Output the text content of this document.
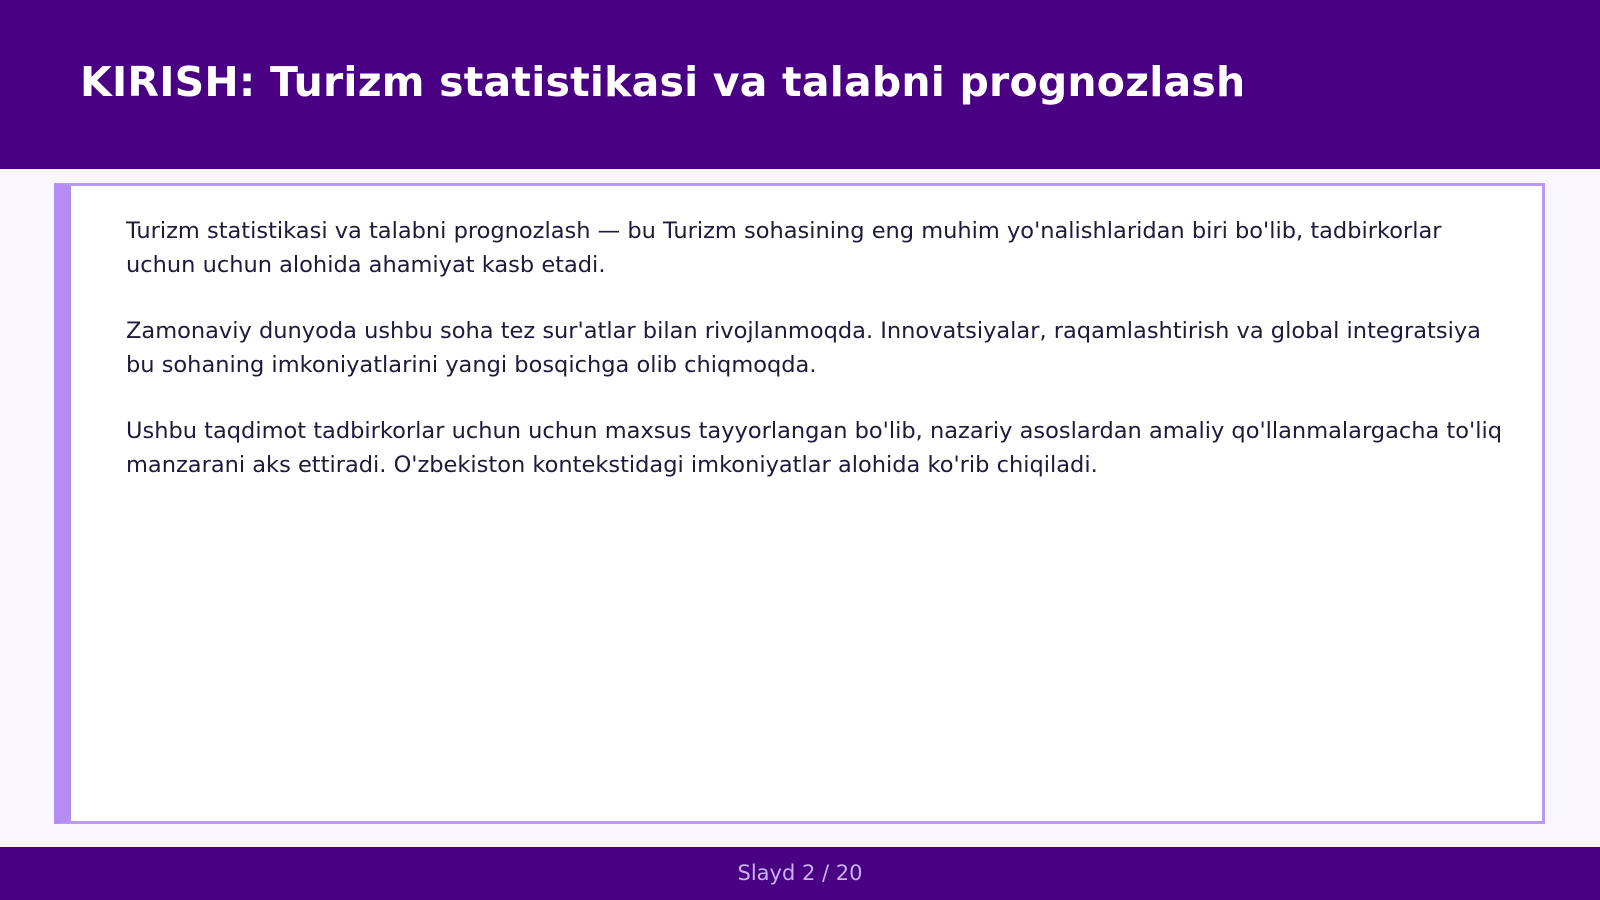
KIRISH: Turizm statistikasi va talabni prognozlash

Turizm statistikasi va talabni prognozlash — bu Turizm sohasining eng muhim yo'nalishlaridan biri bo'lib, tadbirkorlar uchun uchun alohida ahamiyat kasb etadi.

Zamonaviy dunyoda ushbu soha tez sur'atlar bilan rivojlanmoqda. Innovatsiyalar, raqamlashtirish va global integratsiya bu sohaning imkoniyatlarini yangi bosqichga olib chiqmoqda.

Ushbu taqdimot tadbirkorlar uchun uchun maxsus tayyorlangan bo'lib, nazariy asoslardan amaliy qo'llanmalargacha to'liq manzarani aks ettiradi. O'zbekiston kontekstidagi imkoniyatlar alohida ko'rib chiqiladi.

Slayd 2 / 20
